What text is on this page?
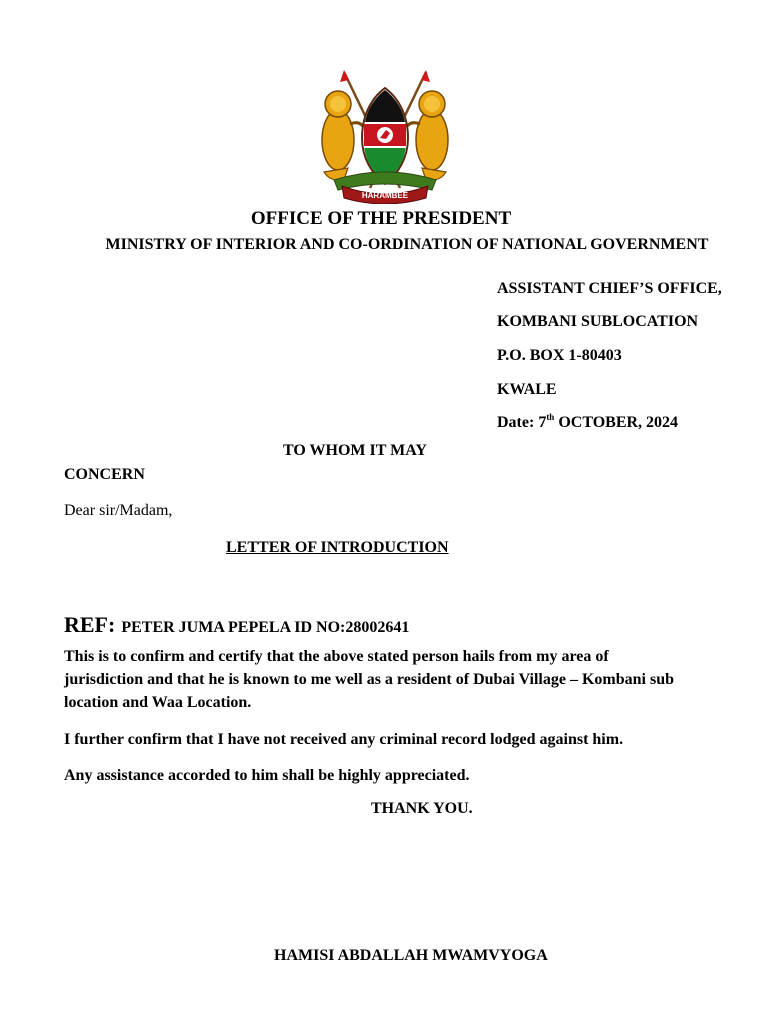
HARAMBEE
OFFICE OF THE PRESIDENT
MINISTRY OF INTERIOR AND CO-ORDINATION OF NATIONAL GOVERNMENT
ASSISTANT CHIEF’S OFFICE,
KOMBANI SUBLOCATION
P.O. BOX 1-80403
KWALE
Date: 7th OCTOBER, 2024
TO WHOM IT MAY
CONCERN
Dear sir/Madam,
LETTER OF INTRODUCTION
REF: PETER JUMA PEPELA ID NO:28002641
This is to confirm and certify that the above stated person hails from my area of jurisdiction and that he is known to me well as a resident of Dubai Village – Kombani sub location and Waa Location.
I further confirm that I have not received any criminal record lodged against him.
Any assistance accorded to him shall be highly appreciated.
THANK YOU.
HAMISI ABDALLAH MWAMVYOGA
